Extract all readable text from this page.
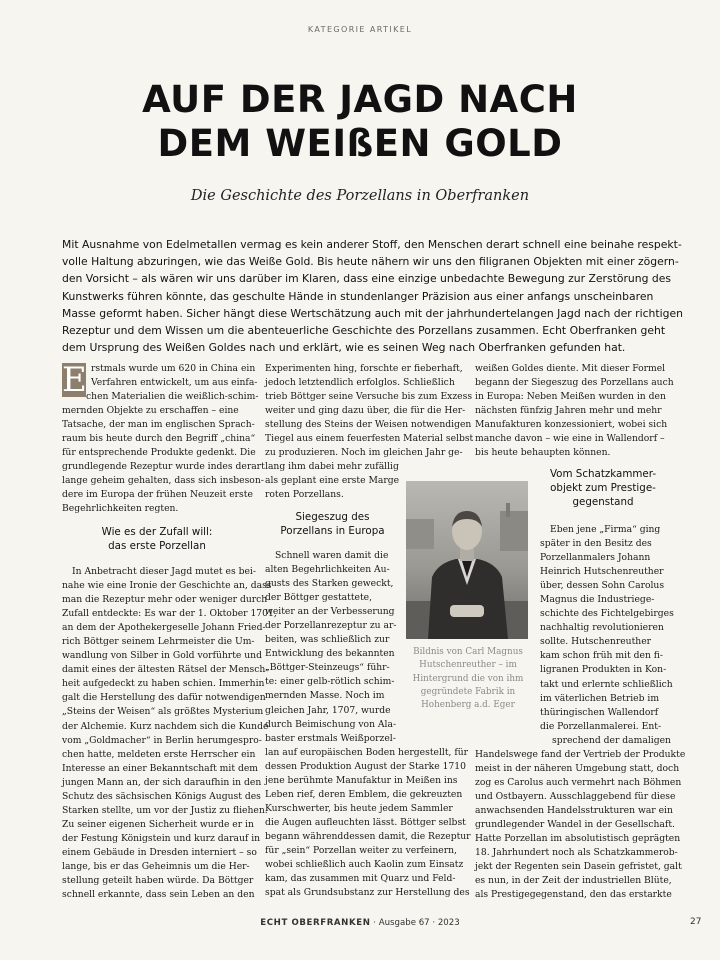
KATEGORIE ARTIKEL
AUF DER JAGD NACH
DEM WEIßEN GOLD
Die Geschichte des Porzellans in Oberfranken
Mit Ausnahme von Edelmetallen vermag es kein anderer Stoff, den Menschen derart schnell eine beinahe respekt-
volle Haltung abzuringen, wie das Weiße Gold. Bis heute nähern wir uns den filigranen Objekten mit einer zögern-
den Vorsicht – als wären wir uns darüber im Klaren, dass eine einzige unbedachte Bewegung zur Zerstörung des
Kunstwerks führen könnte, das geschulte Hände in stundenlanger Präzision aus einer anfangs unscheinbaren
Masse geformt haben. Sicher hängt diese Wertschätzung auch mit der jahrhundertelangen Jagd nach der richtigen
Rezeptur und dem Wissen um die abenteuerliche Geschichte des Porzellans zusammen. Echt Oberfranken geht
dem Ursprung des Weißen Goldes nach und erklärt, wie es seinen Weg nach Oberfranken gefunden hat.
E rstmals wurde um 620 in China ein
Verfahren entwickelt, um aus einfa-
chen Materialien die weißlich-schim-
mernden Objekte zu erschaffen – eine
Tatsache, der man im englischen Sprach-
raum bis heute durch den Begriff „china“
für entsprechende Produkte gedenkt. Die
grundlegende Rezeptur wurde indes derart
lange geheim gehalten, dass sich insbeson-
dere im Europa der frühen Neuzeit erste
Begehrlichkeiten regten.
Wie es der Zufall will:
das erste Porzellan
In Anbetracht dieser Jagd mutet es bei-
nahe wie eine Ironie der Geschichte an, dass
man die Rezeptur mehr oder weniger durch
Zufall entdeckte: Es war der 1. Oktober 1701,
an dem der Apothekergeselle Johann Fried-
rich Böttger seinem Lehrmeister die Um-
wandlung von Silber in Gold vorführte und
damit eines der ältesten Rätsel der Mensch-
heit aufgedeckt zu haben schien. Immerhin
galt die Herstellung des dafür notwendigen
„Steins der Weisen“ als größtes Mysterium
der Alchemie. Kurz nachdem sich die Kunde
vom „Goldmacher“ in Berlin herumgespro-
chen hatte, meldeten erste Herrscher ein
Interesse an einer Bekanntschaft mit dem
jungen Mann an, der sich daraufhin in den
Schutz des sächsischen Königs August des
Starken stellte, um vor der Justiz zu fliehen.
Zu seiner eigenen Sicherheit wurde er in
der Festung Königstein und kurz darauf in
einem Gebäude in Dresden interniert – so
lange, bis er das Geheimnis um die Her-
stellung geteilt haben würde. Da Böttger
schnell erkannte, dass sein Leben an den
Experimenten hing, forschte er fieberhaft,
jedoch letztendlich erfolglos. Schließlich
trieb Böttger seine Versuche bis zum Exzess
weiter und ging dazu über, die für die Her-
stellung des Steins der Weisen notwendigen
Tiegel aus einem feuerfesten Material selbst
zu produzieren. Noch im gleichen Jahr ge-
lang ihm dabei mehr zufällig
als geplant eine erste Marge
roten Porzellans.
Siegeszug des
Porzellans in Europa
Schnell waren damit die
alten Begehrlichkeiten Au-
gusts des Starken geweckt,
der Böttger gestattete,
weiter an der Verbesserung
der Porzellanrezeptur zu ar-
beiten, was schließlich zur
Entwicklung des bekannten
„Böttger-Steinzeugs“ führ-
te: einer gelb-rötlich schim-
mernden Masse. Noch im
gleichen Jahr, 1707, wurde
durch Beimischung von Ala-
baster erstmals Weißporzel-
lan auf europäischen Boden hergestellt, für
dessen Produktion August der Starke 1710
jene berühmte Manufaktur in Meißen ins
Leben rief, deren Emblem, die gekreuzten
Kurschwerter, bis heute jedem Sammler
die Augen aufleuchten lässt. Böttger selbst
begann währenddessen damit, die Rezeptur
für „sein“ Porzellan weiter zu verfeinern,
wobei schließlich auch Kaolin zum Einsatz
kam, das zusammen mit Quarz und Feld-
spat als Grundsubstanz zur Herstellung des
Bildnis von Carl Magnus
Hutschenreuther – im
Hintergrund die von ihm
gegründete Fabrik in
Hohenberg a.d. Eger
weißen Goldes diente. Mit dieser Formel
begann der Siegeszug des Porzellans auch
in Europa: Neben Meißen wurden in den
nächsten fünfzig Jahren mehr und mehr
Manufakturen konzessioniert, wobei sich
manche davon – wie eine in Wallendorf –
bis heute behaupten können.
Vom Schatzkammer-
objekt zum Prestige-
gegenstand
Eben jene „Firma“ ging
später in den Besitz des
Porzellanmalers Johann
Heinrich Hutschenreuther
über, dessen Sohn Carolus
Magnus die Industriege-
schichte des Fichtelgebirges
nachhaltig revolutionieren
sollte. Hutschenreuther
kam schon früh mit den fi-
ligranen Produkten in Kon-
takt und erlernte schließlich
im väterlichen Betrieb im
thüringischen Wallendorf
die Porzellanmalerei. Ent-
sprechend der damaligen
Handelswege fand der Vertrieb der Produkte
meist in der näheren Umgebung statt, doch
zog es Carolus auch vermehrt nach Böhmen
und Ostbayern. Ausschlaggebend für diese
anwachsenden Handelsstrukturen war ein
grundlegender Wandel in der Gesellschaft.
Hatte Porzellan im absolutistisch geprägten
18. Jahrhundert noch als Schatzkammerob-
jekt der Regenten sein Dasein gefristet, galt
es nun, in der Zeit der industriellen Blüte,
als Prestigegegenstand, den das erstarkte
ECHT OBERFRANKEN · Ausgabe 67 · 2023	27
